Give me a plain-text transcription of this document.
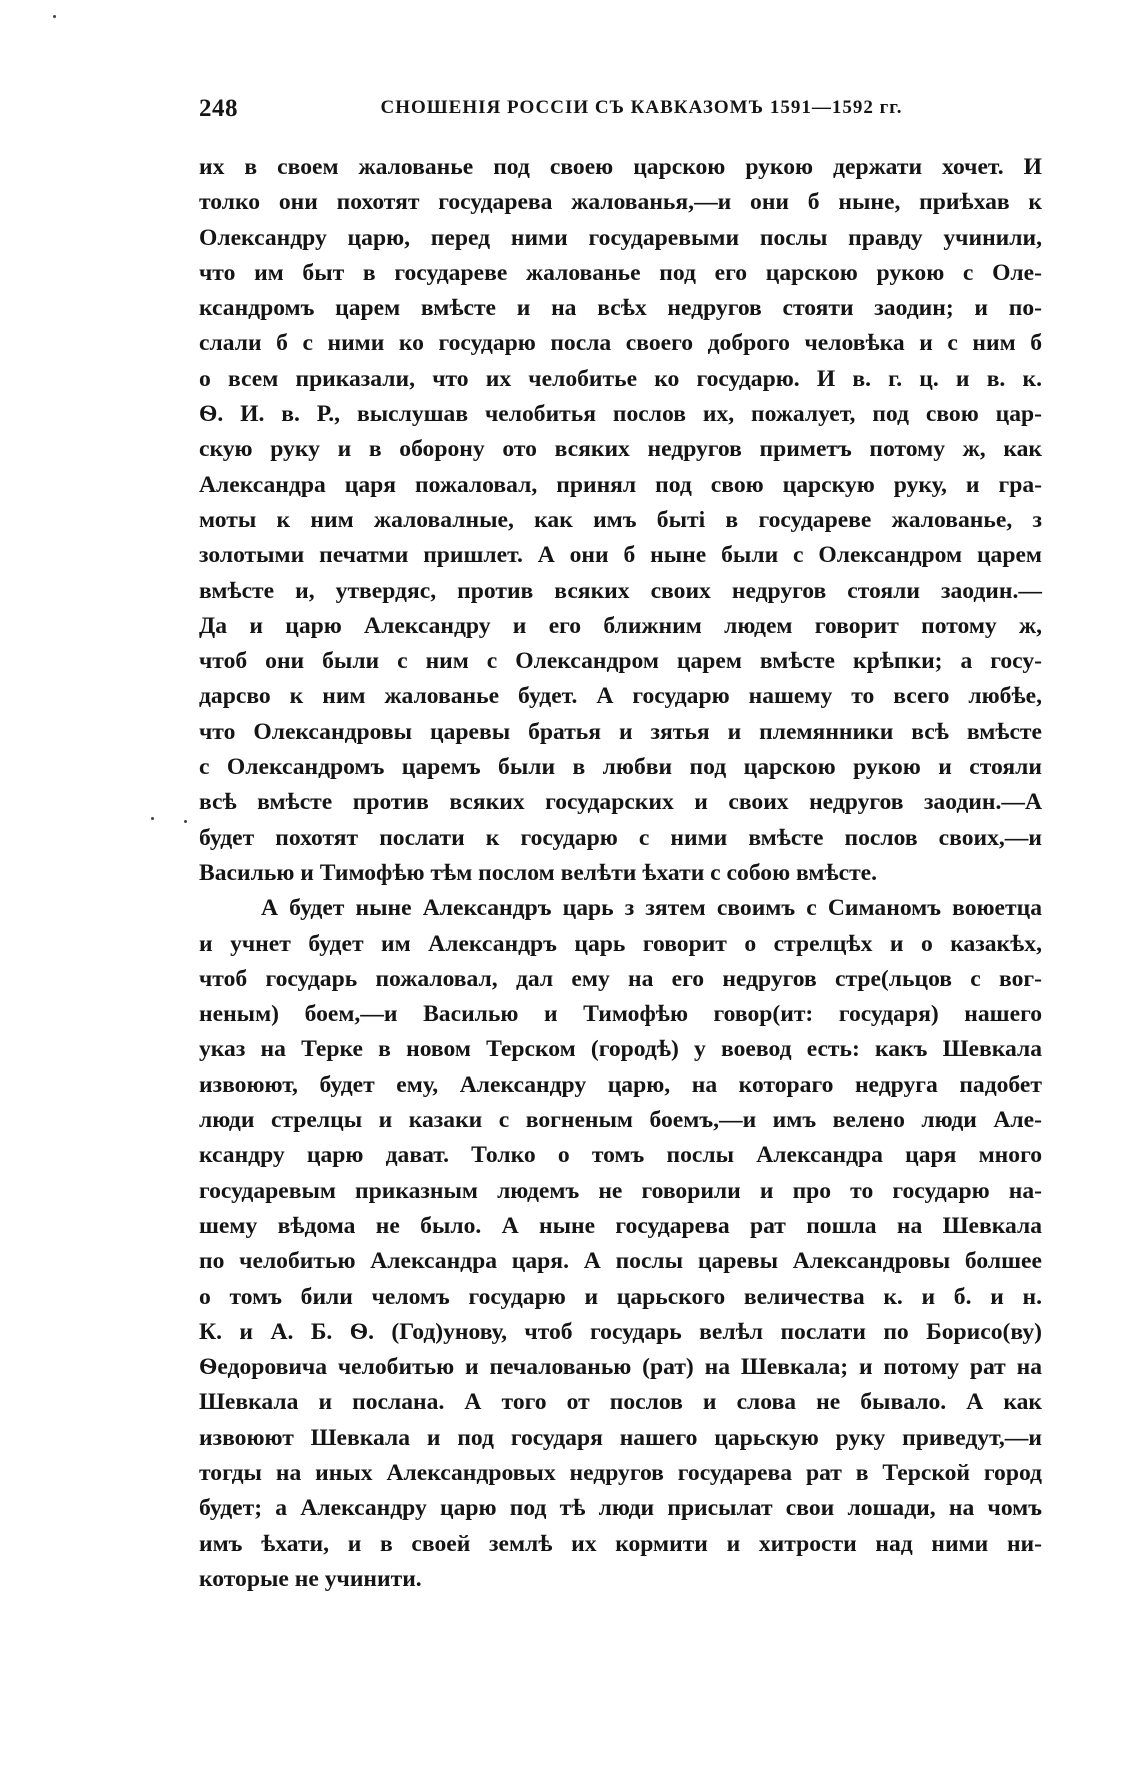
248	СНОШЕНIЯ РОССIИ СЪ КАВКАЗОМЪ 1591—1592 гг.
их в своем жалованье под своею царскою рукою держати хочет. И
толко они похотят государева жалованья,—и они б ныне, приѣхав к
Олександру царю, перед ними государевыми послы правду учинили,
что им быт в государеве жалованье под его царскою рукою с Оле-
ксандромъ царем вмѣсте и на всѣх недругов стояти заодин; и по-
слали б с ними ко государю посла своего доброго человѣка и с ним б
о всем приказали, что их челобитье ко государю. И в. г. ц. и в. к.
Ѳ. И. в. Р., выслушав челобитья послов их, пожалует, под свою цар-
скую руку и в оборону ото всяких недругов приметъ потому ж, как
Александра царя пожаловал, принял под свою царскую руку, и гра-
моты к ним жаловалные, как имъ быті в государеве жалованье, з
золотыми печатми пришлет. А они б ныне были с Олександром царем
вмѣсте и, утвердяс, против всяких своих недругов стояли заодин.—
Да и царю Александру и его ближним людем говорит потому ж,
чтоб они были с ним с Олександром царем вмѣсте крѣпки; а госу-
дарсво к ним жалованье будет. А государю нашему то всего любѣе,
что Олександровы царевы братья и зятья и племянники всѣ вмѣсте
с Олександромъ царемъ были в любви под царскою рукою и стояли
всѣ вмѣсте против всяких государских и своих недругов заодин.—А
будет похотят послати к государю с ними вмѣсте послов своих,—и
Василью и Тимофѣю тѣм послом велѣти ѣхати с собою вмѣсте.
А будет ныне Александръ царь з зятем своимъ с Симаномъ воюетца
и учнет будет им Александръ царь говорит о стрелцѣх и о казакѣх,
чтоб государь пожаловал, дал ему на его недругов стре(льцов с вог-
неным) боем,—и Василью и Тимофѣю говор(ит: государя) нашего
указ на Терке в новом Терском (городѣ) у воевод есть: какъ Шевкала
извоюют, будет ему, Александру царю, на котораго недруга падобет
люди стрелцы и казаки с вогненым боемъ,—и имъ велено люди Але-
ксандру царю дават. Толко о томъ послы Александра царя много
государевым приказным людемъ не говорили и про то государю на-
шему вѣдома не было. А ныне государева рат пошла на Шевкала
по челобитью Александра царя. А послы царевы Александровы болшее
о томъ били челомъ государю и царьского величества к. и б. и н.
К. и А. Б. Ѳ. (Год)унову, чтоб государь велѣл послати по Борисо(ву)
Ѳедоровича челобитью и печалованью (рат) на Шевкала; и потому рат на
Шевкала и послана. А того от послов и слова не бывало. А как
извоюют Шевкала и под государя нашего царьскую руку приведут,—и
тогды на иных Александровых недругов государева рат в Терской город
будет; а Александру царю под тѣ люди присылат свои лошади, на чомъ
имъ ѣхати, и в своей землѣ их кормити и хитрости над ними ни-
которые не учинити.
